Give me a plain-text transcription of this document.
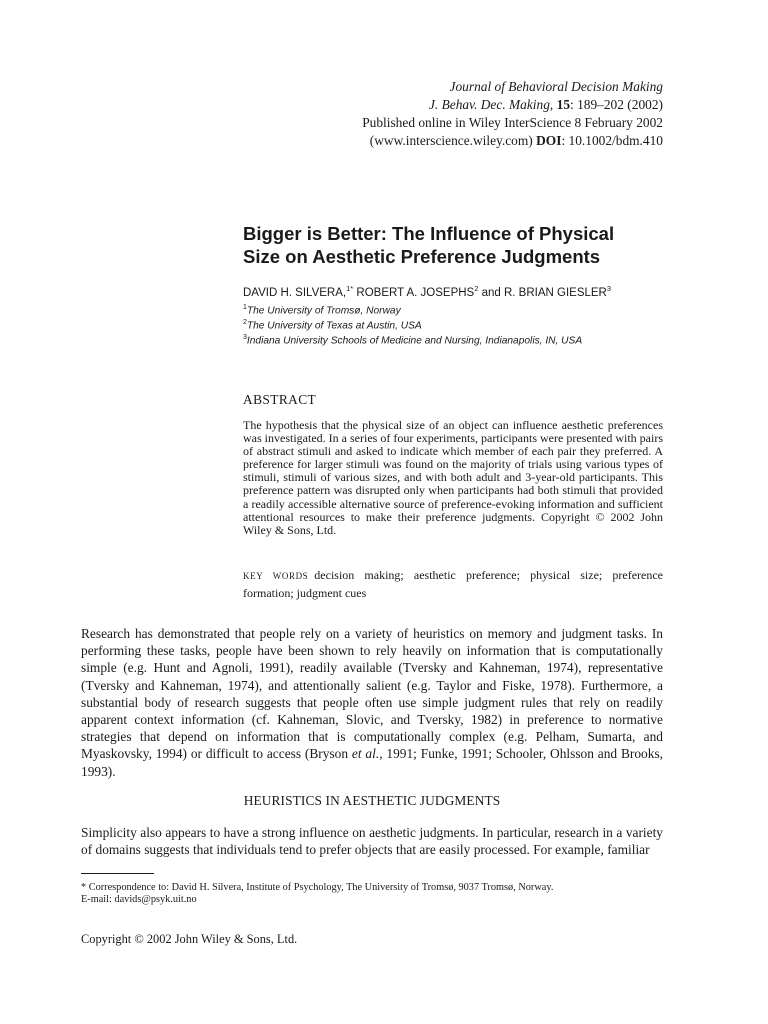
Journal of Behavioral Decision Making
J. Behav. Dec. Making, 15: 189–202 (2002)
Published online in Wiley InterScience 8 February 2002
(www.interscience.wiley.com) DOI: 10.1002/bdm.410
Bigger is Better: The Influence of Physical
Size on Aesthetic Preference Judgments
DAVID H. SILVERA,$^{1*}$ ROBERT A. JOSEPHS$^2$ and R. BRIAN GIESLER$^3$
$^1$The University of Tromsø, Norway
$^2$The University of Texas at Austin, USA
$^3$Indiana University Schools of Medicine and Nursing, Indianapolis, IN, USA
ABSTRACT

The hypothesis that the physical size of an object can influence aesthetic preferences was investigated. In a series of four experiments, participants were presented with pairs of abstract stimuli and asked to indicate which member of each pair they preferred. A preference for larger stimuli was found on the majority of trials using various types of stimuli, stimuli of various sizes, and with both adult and 3-year-old participants. This preference pattern was disrupted only when participants had both stimuli that provided a readily accessible alternative source of preference-evoking information and sufficient attentional resources to make their preference judgments. Copyright © 2002 John Wiley & Sons, Ltd.

KEY WORDS decision making; aesthetic preference; physical size; preference formation; judgment cues

Research has demonstrated that people rely on a variety of heuristics on memory and judgment tasks. In performing these tasks, people have been shown to rely heavily on information that is computationally simple (e.g. Hunt and Agnoli, 1991), readily available (Tversky and Kahneman, 1974), representative (Tversky and Kahneman, 1974), and attentionally salient (e.g. Taylor and Fiske, 1978). Furthermore, a substantial body of research suggests that people often use simple judgment rules that rely on readily apparent context information (cf. Kahneman, Slovic, and Tversky, 1982) in preference to normative strategies that depend on information that is computationally complex (e.g. Pelham, Sumarta, and Myaskovsky, 1994) or difficult to access (Bryson et al., 1991; Funke, 1991; Schooler, Ohlsson and Brooks, 1993).

HEURISTICS IN AESTHETIC JUDGMENTS

Simplicity also appears to have a strong influence on aesthetic judgments. In particular, research in a variety of domains suggests that individuals tend to prefer objects that are easily processed. For example, familiar

* Correspondence to: David H. Silvera, Institute of Psychology, The University of Tromsø, 9037 Tromsø, Norway.
E-mail: davids@psyk.uit.no
Copyright © 2002 John Wiley & Sons, Ltd.
